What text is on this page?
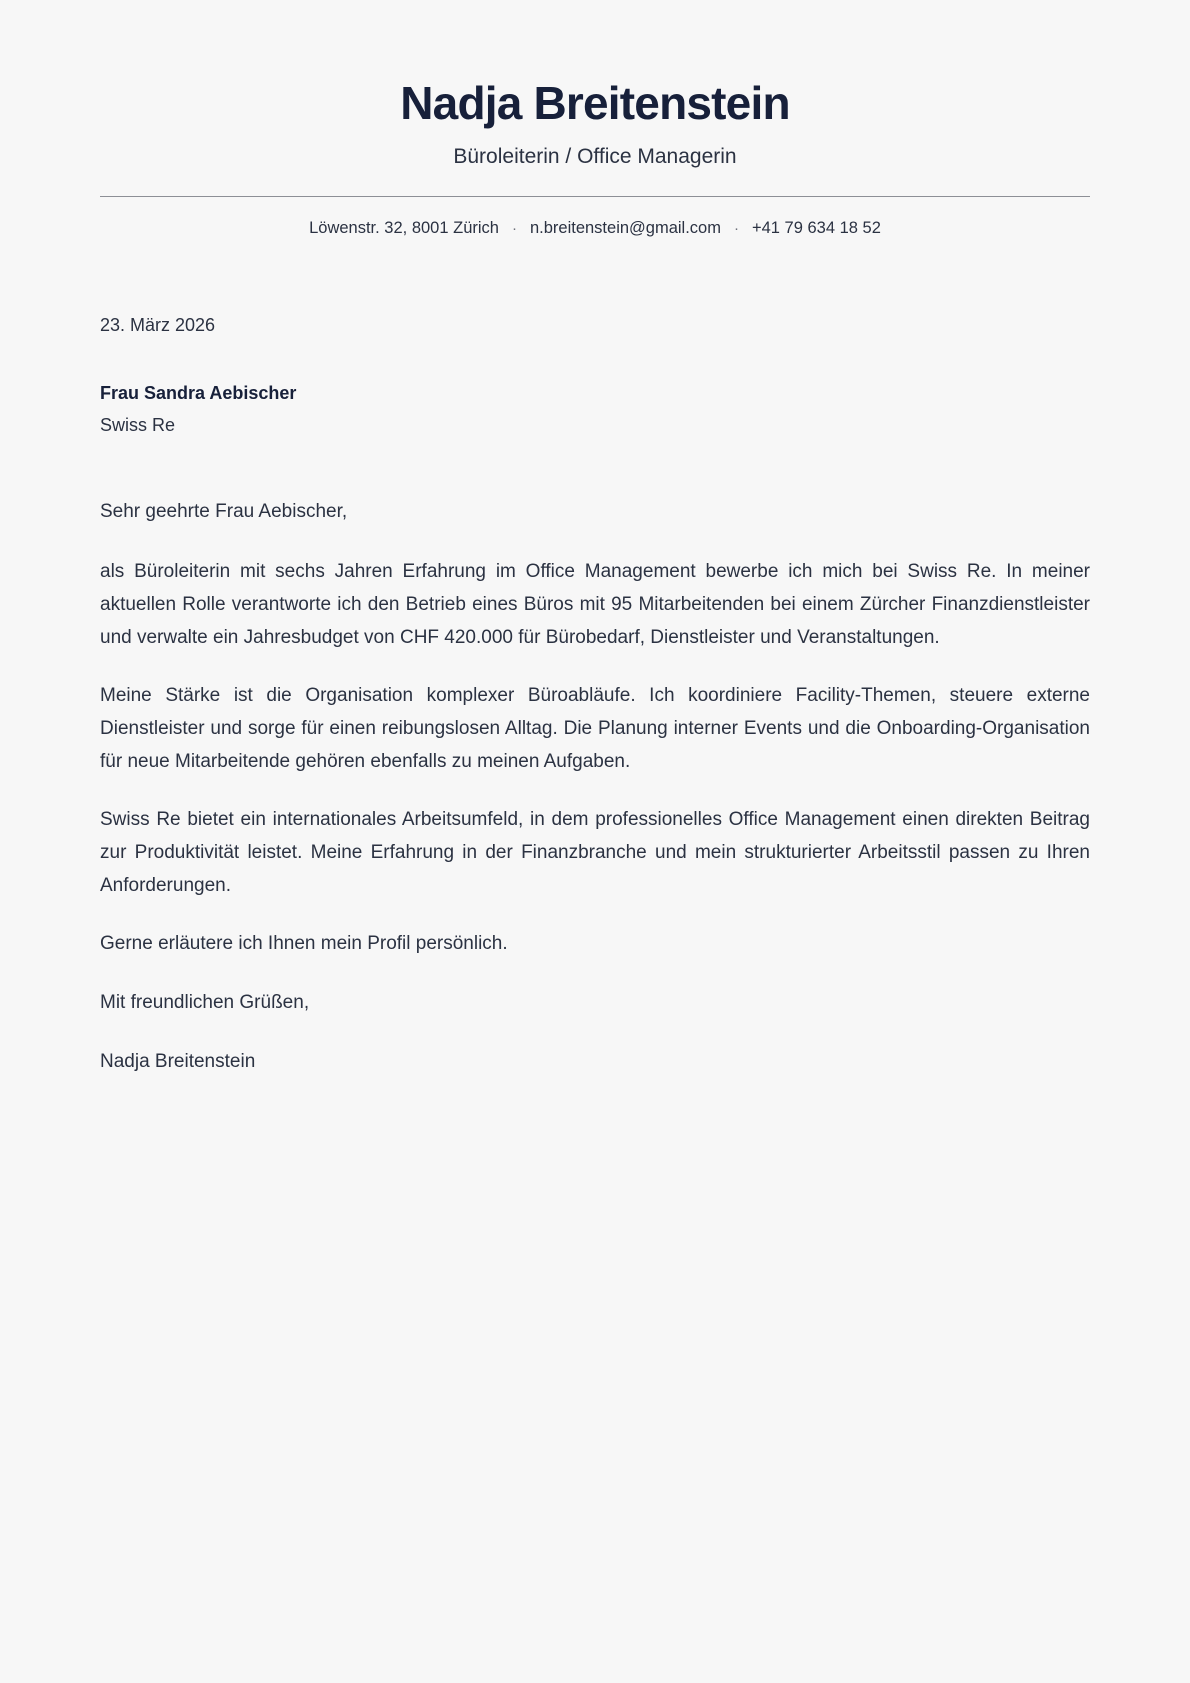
Nadja Breitenstein
Büroleiterin / Office Managerin
Löwenstr. 32, 8001 Zürich · n.breitenstein@gmail.com · +41 79 634 18 52
23. März 2026
Frau Sandra Aebischer
Swiss Re

Sehr geehrte Frau Aebischer,

als Büroleiterin mit sechs Jahren Erfahrung im Office Management bewerbe ich mich bei Swiss Re. In meiner aktuellen Rolle verantworte ich den Betrieb eines Büros mit 95 Mitarbeitenden bei einem Zürcher Finanzdienstleister und verwalte ein Jahresbudget von CHF 420.000 für Bürobedarf, Dienstleister und Veranstaltungen.

Meine Stärke ist die Organisation komplexer Büroabläufe. Ich koordiniere Facility-Themen, steuere externe Dienstleister und sorge für einen reibungslosen Alltag. Die Planung interner Events und die Onboarding-Organisation für neue Mitarbeitende gehören ebenfalls zu meinen Aufgaben.

Swiss Re bietet ein internationales Arbeitsumfeld, in dem professionelles Office Management einen direkten Beitrag zur Produktivität leistet. Meine Erfahrung in der Finanzbranche und mein strukturierter Arbeitsstil passen zu Ihren Anforderungen.

Gerne erläutere ich Ihnen mein Profil persönlich.

Mit freundlichen Grüßen,

Nadja Breitenstein
